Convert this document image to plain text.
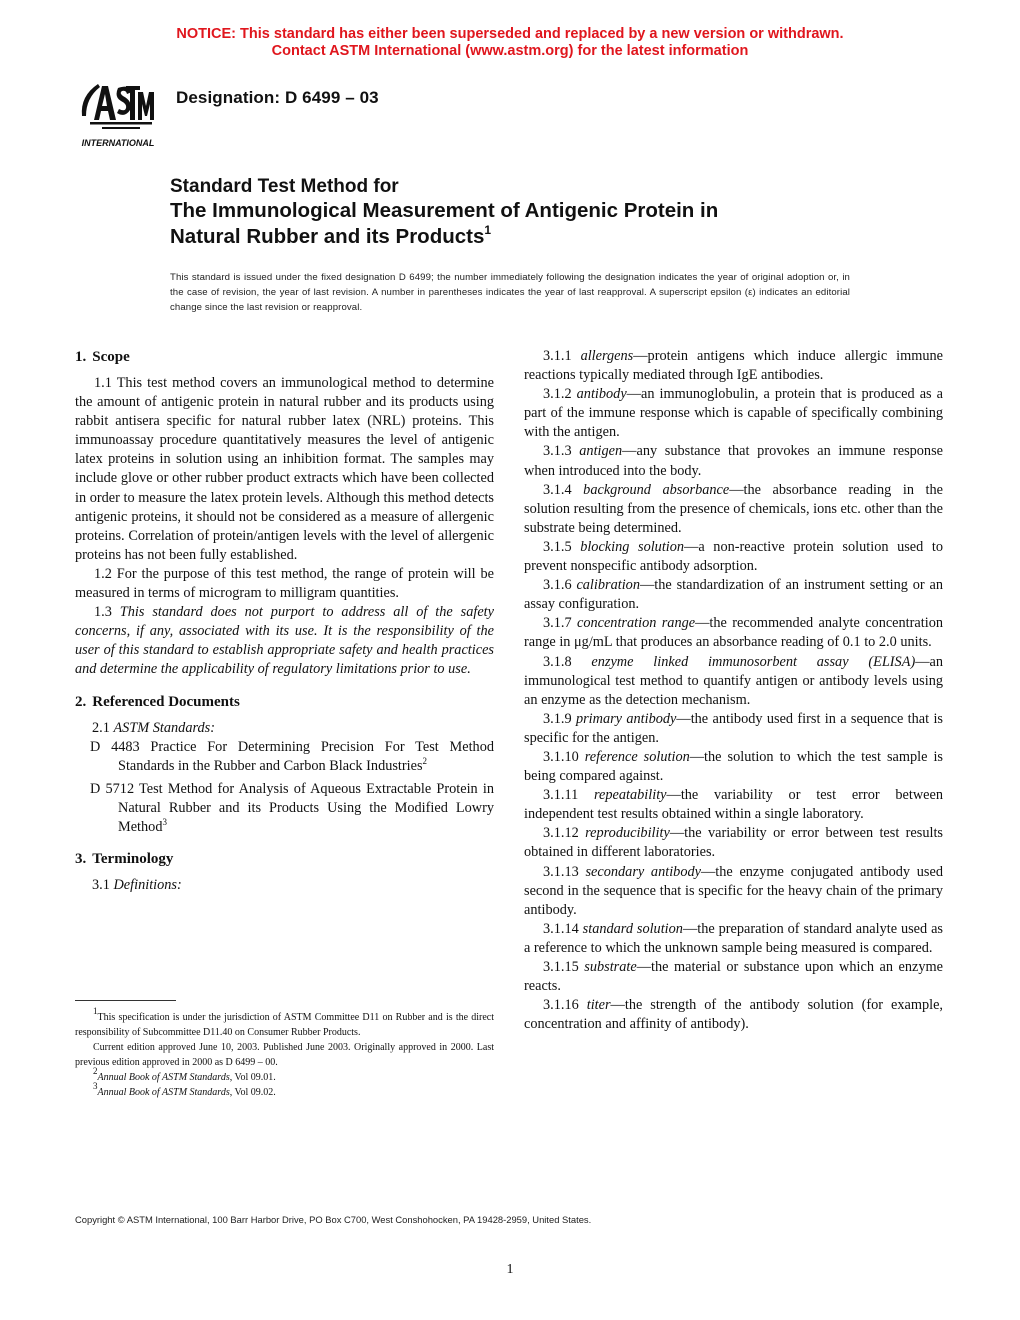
NOTICE: This standard has either been superseded and replaced by a new version or withdrawn.
Contact ASTM International (www.astm.org) for the latest information
INTERNATIONAL
Designation: D 6499 – 03
Standard Test Method for
The Immunological Measurement of Antigenic Protein in
Natural Rubber and its Products$^1$
This standard is issued under the fixed designation D 6499; the number immediately following the designation indicates the year of original adoption or, in the case of revision, the year of last revision. A number in parentheses indicates the year of last reapproval. A superscript epsilon (ε) indicates an editorial change since the last revision or reapproval.
1. Scope

1.1 This test method covers an immunological method to determine the amount of antigenic protein in natural rubber and its products using rabbit antisera specific for natural rubber latex (NRL) proteins. This immunoassay procedure quantitatively measures the level of antigenic latex proteins in solution using an inhibition format. The samples may include glove or other rubber product extracts which have been collected in order to measure the latex protein levels. Although this method detects antigenic proteins, it should not be considered as a measure of allergenic proteins. Correlation of protein/antigen levels with the level of allergenic proteins has not been fully established.

1.2 For the purpose of this test method, the range of protein will be measured in terms of microgram to milligram quantities.

1.3 This standard does not purport to address all of the safety concerns, if any, associated with its use. It is the responsibility of the user of this standard to establish appropriate safety and health practices and determine the applicability of regulatory limitations prior to use.

2. Referenced Documents

2.1 ASTM Standards:

D 4483 Practice For Determining Precision For Test Method Standards in the Rubber and Carbon Black Industries$^2$

D 5712 Test Method for Analysis of Aqueous Extractable Protein in Natural Rubber and its Products Using the Modified Lowry Method$^3$

3. Terminology

3.1 Definitions:

3.1.1 allergens—protein antigens which induce allergic immune reactions typically mediated through IgE antibodies.

3.1.2 antibody—an immunoglobulin, a protein that is produced as a part of the immune response which is capable of specifically combining with the antigen.

3.1.3 antigen—any substance that provokes an immune response when introduced into the body.

3.1.4 background absorbance—the absorbance reading in the solution resulting from the presence of chemicals, ions etc. other than the substrate being determined.

3.1.5 blocking solution—a non-reactive protein solution used to prevent nonspecific antibody adsorption.

3.1.6 calibration—the standardization of an instrument setting or an assay configuration.

3.1.7 concentration range—the recommended analyte concentration range in μg/mL that produces an absorbance reading of 0.1 to 2.0 units.

3.1.8 enzyme linked immunosorbent assay (ELISA)—an immunological test method to quantify antigen or antibody levels using an enzyme as the detection mechanism.

3.1.9 primary antibody—the antibody used first in a sequence that is specific for the antigen.

3.1.10 reference solution—the solution to which the test sample is being compared against.

3.1.11 repeatability—the variability or test error between independent test results obtained within a single laboratory.

3.1.12 reproducibility—the variability or error between test results obtained in different laboratories.

3.1.13 secondary antibody—the enzyme conjugated antibody used second in the sequence that is specific for the heavy chain of the primary antibody.

3.1.14 standard solution—the preparation of standard analyte used as a reference to which the unknown sample being measured is compared.

3.1.15 substrate—the material or substance upon which an enzyme reacts.

3.1.16 titer—the strength of the antibody solution (for example, concentration and affinity of antibody).

$^1$This specification is under the jurisdiction of ASTM Committee D11 on Rubber and is the direct responsibility of Subcommittee D11.40 on Consumer Rubber Products.

Current edition approved June 10, 2003. Published June 2003. Originally approved in 2000. Last previous edition approved in 2000 as D 6499 – 00.

$^2$Annual Book of ASTM Standards, Vol 09.01.

$^3$Annual Book of ASTM Standards, Vol 09.02.

Copyright © ASTM International, 100 Barr Harbor Drive, PO Box C700, West Conshohocken, PA 19428-2959, United States.
1
